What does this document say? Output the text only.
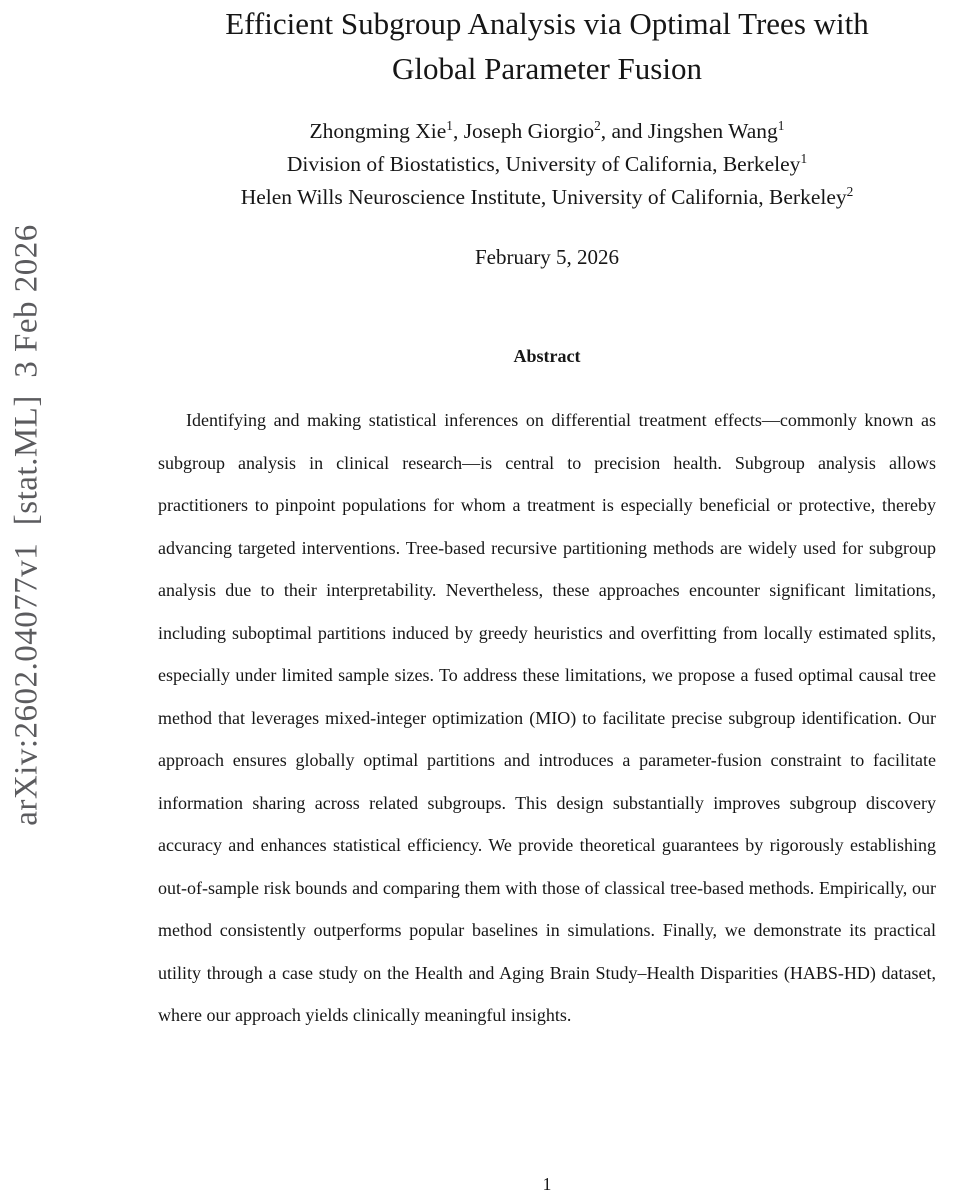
arXiv:2602.04077v1  [stat.ML]  3 Feb 2026
Efficient Subgroup Analysis via Optimal Trees with
Global Parameter Fusion
Zhongming Xie$^1$, Joseph Giorgio$^2$, and Jingshen Wang$^1$
Division of Biostatistics, University of California, Berkeley$^1$
Helen Wills Neuroscience Institute, University of California, Berkeley$^2$
February 5, 2026
Abstract

Identifying and making statistical inferences on differential treatment effects—commonly known as subgroup analysis in clinical research—is central to precision health. Subgroup analysis allows practitioners to pinpoint populations for whom a treatment is especially beneficial or protective, thereby advancing targeted interventions. Tree-based recursive partitioning methods are widely used for subgroup analysis due to their interpretability. Nevertheless, these approaches encounter significant limitations, including suboptimal partitions induced by greedy heuristics and overfitting from locally estimated splits, especially under limited sample sizes. To address these limitations, we propose a fused optimal causal tree method that leverages mixed-integer optimization (MIO) to facilitate precise subgroup identification. Our approach ensures globally optimal partitions and introduces a parameter-fusion constraint to facilitate information sharing across related subgroups. This design substantially improves subgroup discovery accuracy and enhances statistical efficiency. We provide theoretical guarantees by rigorously establishing out-of-sample risk bounds and comparing them with those of classical tree-based methods. Empirically, our method consistently outperforms popular baselines in simulations. Finally, we demonstrate its practical utility through a case study on the Health and Aging Brain Study–Health Disparities (HABS-HD) dataset, where our approach yields clinically meaningful insights.

1
